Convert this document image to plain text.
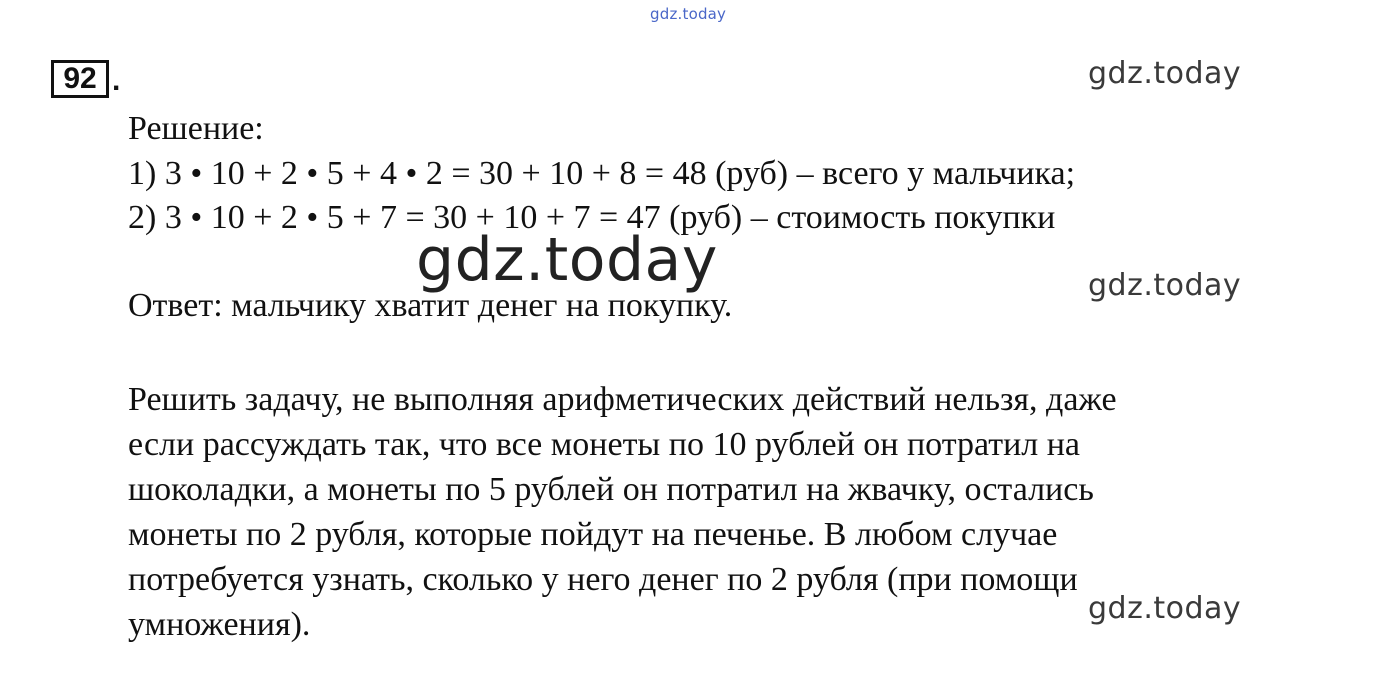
gdz.today
gdz.today
92 .
Решение:
1) 3 • 10 + 2 • 5 + 4 • 2 = 30 + 10 + 8 = 48 (руб) – всего у мальчика;
2) 3 • 10 + 2 • 5 + 7 = 30 + 10 + 7 = 47 (руб) – стоимость покупки
gdz.today	gdz.today
Ответ: мальчику хватит денег на покупку.
Решить задачу, не выполняя арифметических действий нельзя, даже
если рассуждать так, что все монеты по 10 рублей он потратил на
шоколадки, а монеты по 5 рублей он потратил на жвачку, остались
монеты по 2 рубля, которые пойдут на печенье. В любом случае
потребуется узнать, сколько у него денег по 2 рубля (при помощи
умножения).	gdz.today
